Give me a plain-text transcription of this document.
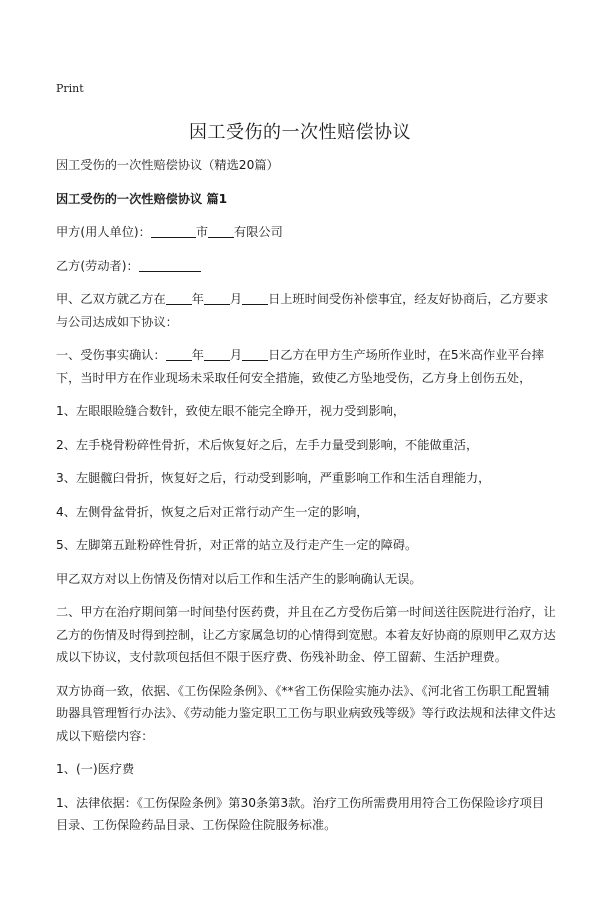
Print
因工受伤的一次性赔偿协议

因工受伤的一次性赔偿协议（精选20篇）

因工受伤的一次性赔偿协议 篇1

甲方(用人单位)：	市 有限公司

乙方(劳动者)：

甲、乙双方就乙方在 年 月 日上班时间受伤补偿事宜，经友好协商后，乙方要求与公司达成如下协议：

一、受伤事实确认： 年 月 日乙方在甲方生产场所作业时，在5米高作业平台摔下，当时甲方在作业现场未采取任何安全措施，致使乙方坠地受伤，乙方身上创伤五处，

1、左眼眼睑缝合数针，致使左眼不能完全睁开，视力受到影响，

2、左手桡骨粉碎性骨折，术后恢复好之后，左手力量受到影响，不能做重活，

3、左腿髋臼骨折，恢复好之后，行动受到影响，严重影响工作和生活自理能力，

4、左侧骨盆骨折，恢复之后对正常行动产生一定的影响，

5、左脚第五趾粉碎性骨折，对正常的站立及行走产生一定的障碍。

甲乙双方对以上伤情及伤情对以后工作和生活产生的影响确认无误。

二、甲方在治疗期间第一时间垫付医药费，并且在乙方受伤后第一时间送往医院进行治疗，让乙方的伤情及时得到控制，让乙方家属急切的心情得到宽慰。本着友好协商的原则甲乙双方达成以下协议，支付款项包括但不限于医疗费、伤残补助金、停工留薪、生活护理费。

双方协商一致，依据、《工伤保险条例》、《**省工伤保险实施办法》、《河北省工伤职工配置辅助器具管理暂行办法》、《劳动能力鉴定职工工伤与职业病致残等级》等行政法规和法律文件达成以下赔偿内容：

1、(一)医疗费

1、法律依据：《工伤保险条例》第30条第3款。治疗工伤所需费用用符合工伤保险诊疗项目目录、工伤保险药品目录、工伤保险住院服务标准。
